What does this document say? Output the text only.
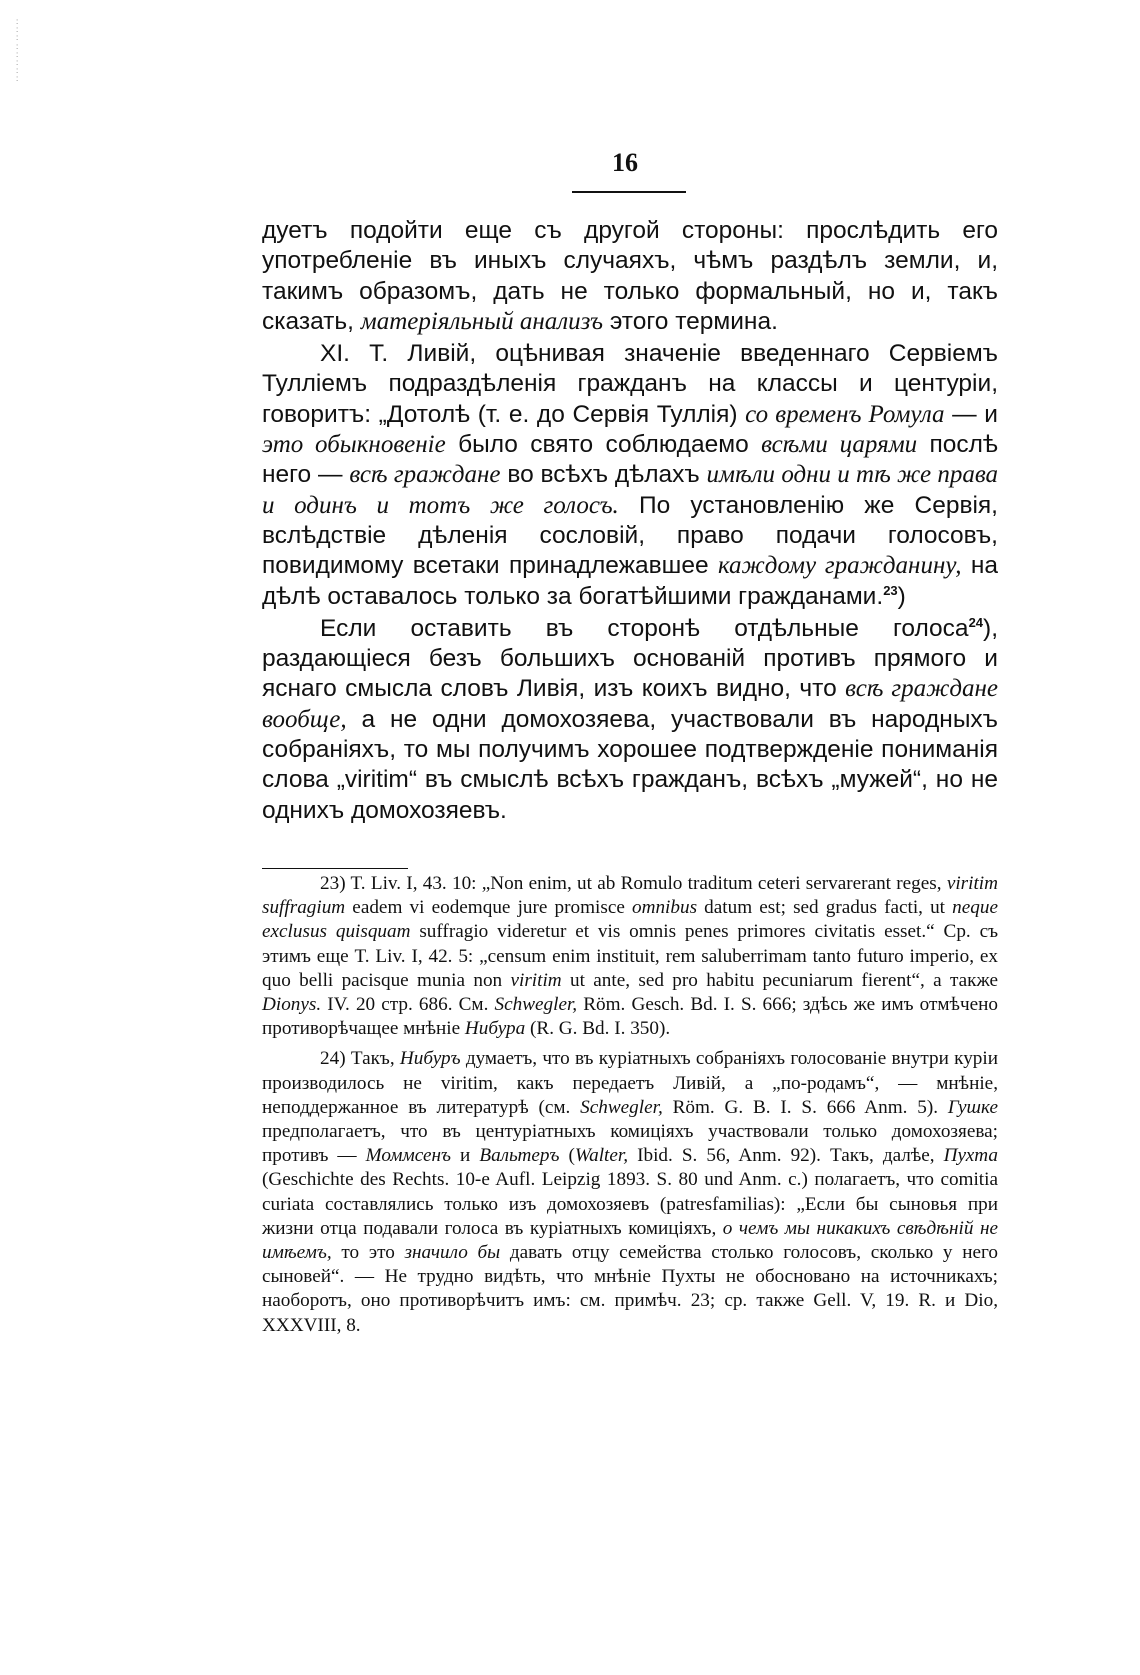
:
:
:
:
:
:
:
:
16

дуетъ подойти еще съ другой стороны: прослѣдить его употребленіе въ иныхъ случаяхъ, чѣмъ раздѣлъ земли, и, такимъ образомъ, дать не только формальный, но и, такъ сказать, матеріяльный анализъ этого термина.

XI. Т. Ливій, оцѣнивая значеніе введеннаго Сервіемъ Тулліемъ подраздѣленія гражданъ на классы и центуріи, говоритъ: „Дотолѣ (т. е. до Сервія Туллія) со временъ Ромула — и это обыкновеніе было свято соблюдаемо всѣми царями послѣ него — всѣ граждане во всѣхъ дѣлахъ имѣли одни и тѣ же права и одинъ и тотъ же голосъ. По установленію же Сервія, вслѣдствіе дѣленія сословій, право подачи голосовъ, повидимому всетаки принадлежавшее каждому гражданину, на дѣлѣ оставалось только за богатѣйшими гражданами.$^{23}$)

Если оставить въ сторонѣ отдѣльные голоса$^{24}$), раздающіеся безъ большихъ основаній противъ прямого и яснаго смысла словъ Ливія, изъ коихъ видно, что всѣ граждане вообще, а не одни домохозяева, участвовали въ народныхъ собраніяхъ, то мы получимъ хорошее подтвержденіе пониманія слова „viritim“ въ смыслѣ всѣхъ гражданъ, всѣхъ „мужей“, но не однихъ домохозяевъ.

23) T. Liv. I, 43. 10: „Non enim, ut ab Romulo traditum ceteri servarerant reges, viritim suffragium eadem vi eodemque jure promisce omnibus datum est; sed gradus facti, ut neque exclusus quisquam suffragio videretur et vis omnis penes primores civitatis esset.“ Ср. съ этимъ еще T. Liv. I, 42. 5: „censum enim instituit, rem saluberrimam tanto futuro imperio, ex quo belli pacisque munia non viritim ut ante, sed pro habitu pecuniarum fierent“, а также Dionys. IV. 20 стр. 686. См. Schwegler, Röm. Gesch. Bd. I. S. 666; здѣсь же имъ отмѣчено противорѣчащее мнѣніе Нибура (R. G. Bd. I. 350).

24) Такъ, Нибуръ думаетъ, что въ куріатныхъ собраніяхъ голосованіе внутри куріи производилось не viritim, какъ передаетъ Ливій, а „по-родамъ“, — мнѣніе, неподдержанное въ литературѣ (см. Schwegler, Röm. G. B. I. S. 666 Anm. 5). Гушке предполагаетъ, что въ центуріатныхъ комиціяхъ участвовали только домохозяева; противъ — Моммсенъ и Вальтеръ (Walter, Ibid. S. 56, Anm. 92). Такъ, далѣе, Пухта (Geschichte des Rechts. 10-e Aufl. Leipzig 1893. S. 80 und Anm. c.) полагаетъ, что comitia curiata составлялись только изъ домохозяевъ (patresfamilias): „Если бы сыновья при жизни отца подавали голоса въ куріатныхъ комиціяхъ, о чемъ мы никакихъ свѣдѣній не имѣемъ, то это значило бы давать отцу семейства столько голосовъ, сколько у него сыновей“. — Не трудно видѣть, что мнѣніе Пухты не обосновано на источникахъ; наоборотъ, оно противорѣчитъ имъ: см. примѣч. 23; ср. также Gell. V, 19. R. и Dio, XXXVIII, 8.
